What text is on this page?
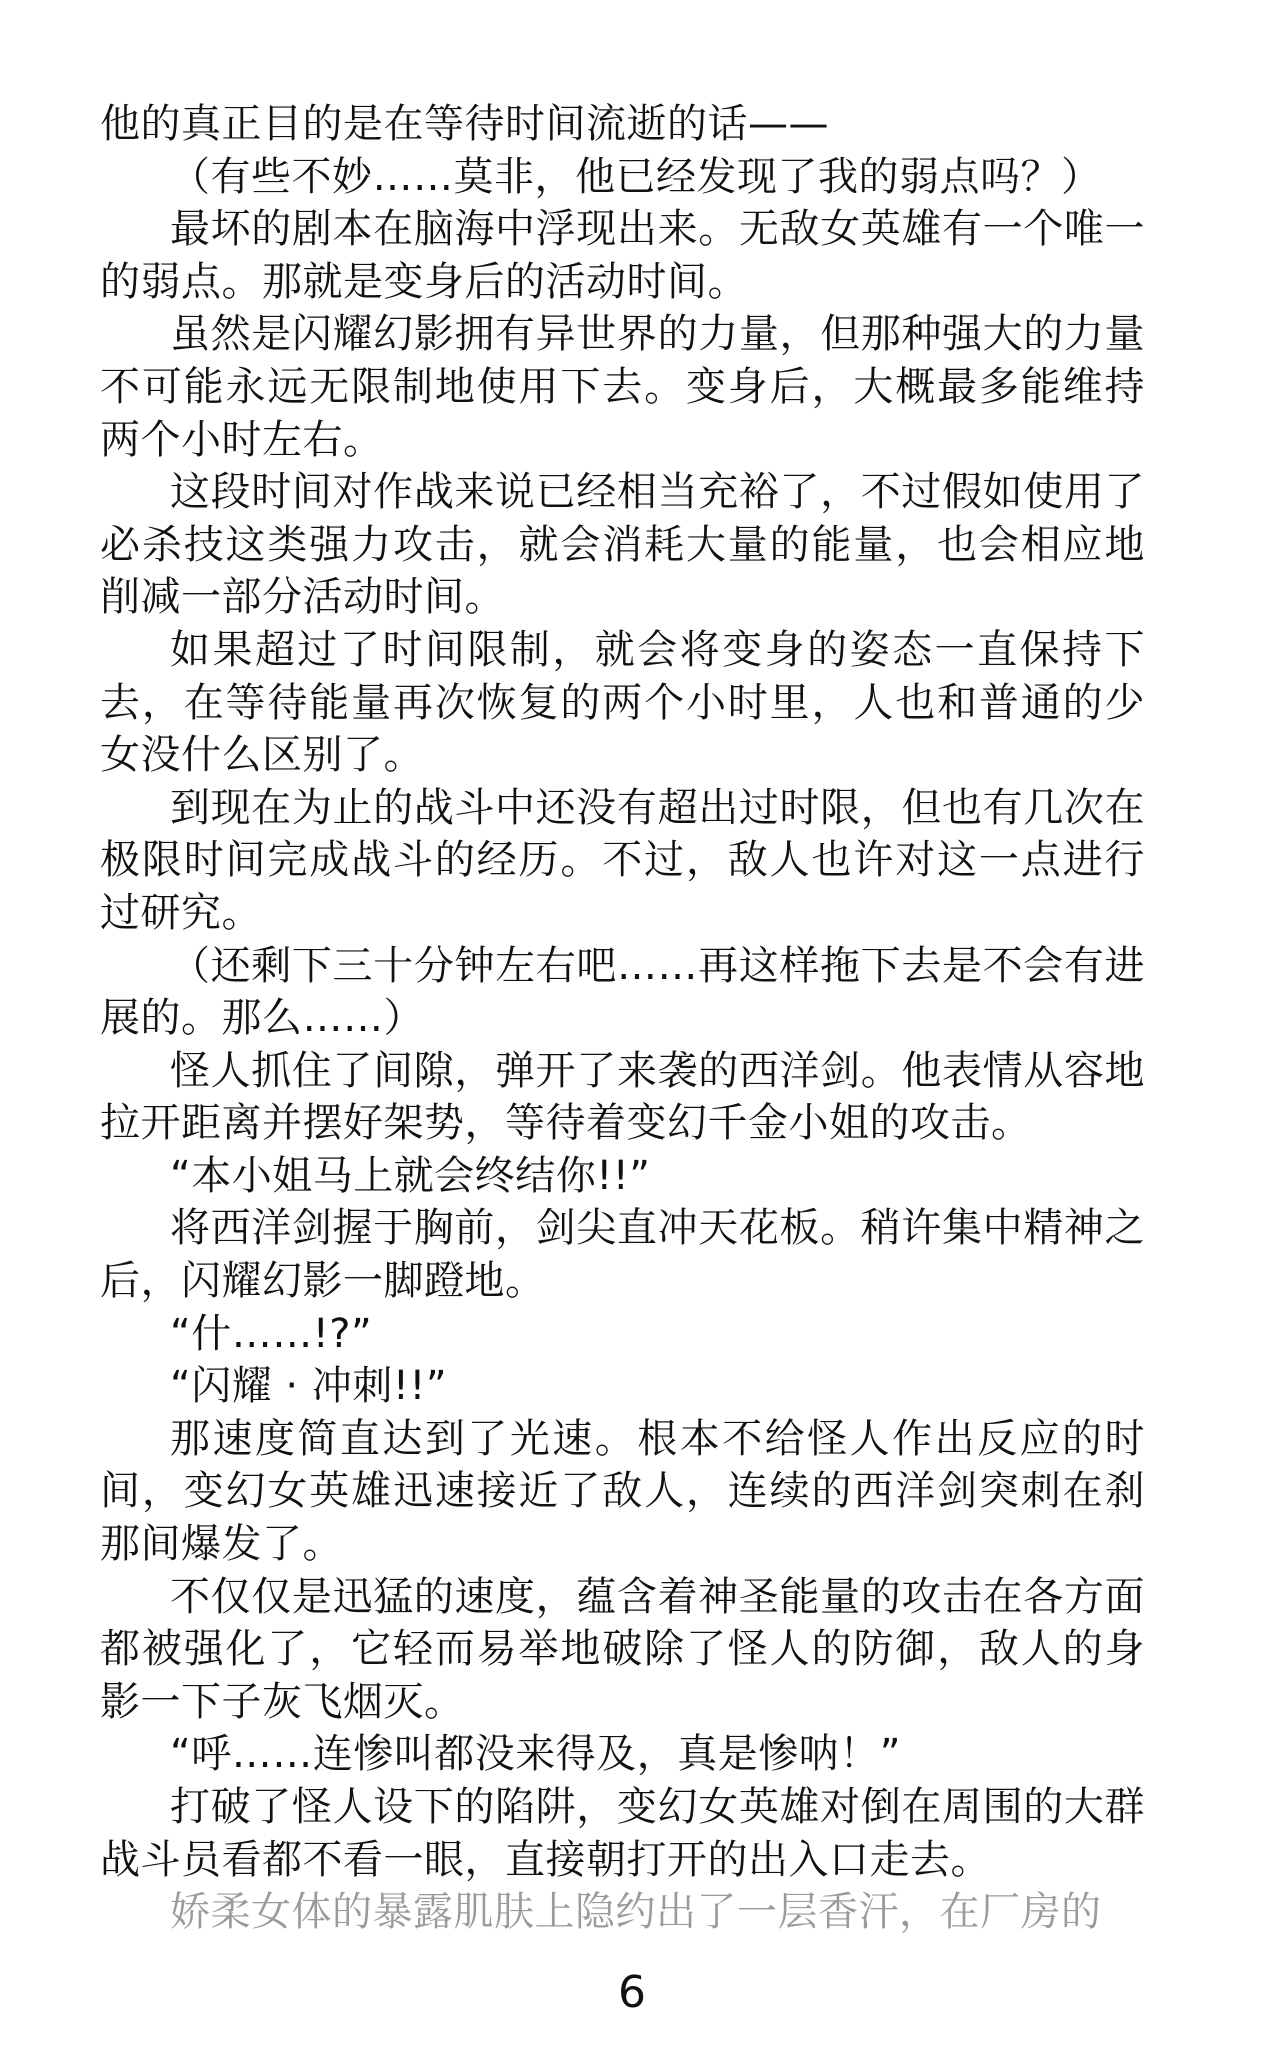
他的真正目的是在等待时间流逝的话——

（有些不妙……莫非，他已经发现了我的弱点吗？）

最坏的剧本在脑海中浮现出来。无敌女英雄有一个唯一的弱点。那就是变身后的活动时间。

虽然是闪耀幻影拥有异世界的力量，但那种强大的力量不可能永远无限制地使用下去。变身后，大概最多能维持两个小时左右。

这段时间对作战来说已经相当充裕了，不过假如使用了必杀技这类强力攻击，就会消耗大量的能量，也会相应地削减一部分活动时间。

如果超过了时间限制，就会将变身的姿态一直保持下去，在等待能量再次恢复的两个小时里，人也和普通的少女没什么区别了。

到现在为止的战斗中还没有超出过时限，但也有几次在极限时间完成战斗的经历。不过，敌人也许对这一点进行过研究。

（还剩下三十分钟左右吧……再这样拖下去是不会有进展的。那么……）

怪人抓住了间隙，弹开了来袭的西洋剑。他表情从容地拉开距离并摆好架势，等待着变幻千金小姐的攻击。

“本小姐马上就会终结你!!”

将西洋剑握于胸前，剑尖直冲天花板。稍许集中精神之后，闪耀幻影一脚蹬地。

“什……!?”

“闪耀 · 冲刺!!”

那速度简直达到了光速。根本不给怪人作出反应的时间，变幻女英雄迅速接近了敌人，连续的西洋剑突刺在刹那间爆发了。

不仅仅是迅猛的速度，蕴含着神圣能量的攻击在各方面都被强化了，它轻而易举地破除了怪人的防御，敌人的身影一下子灰飞烟灭。

“呼……连惨叫都没来得及，真是惨呐！”

打破了怪人设下的陷阱，变幻女英雄对倒在周围的大群战斗员看都不看一眼，直接朝打开的出入口走去。

娇柔女体的暴露肌肤上隐约出了一层香汗，在厂房的

6
